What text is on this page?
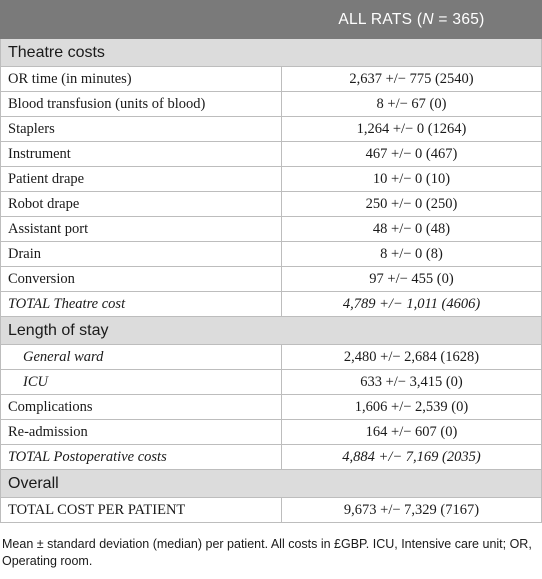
	ALL RATS (N = 365)
Theatre costs	
OR time (in minutes)	2,637 +/− 775 (2540)
Blood transfusion (units of blood)	8 +/− 67 (0)
Staplers	1,264 +/− 0 (1264)
Instrument	467 +/− 0 (467)
Patient drape	10 +/− 0 (10)
Robot drape	250 +/− 0 (250)
Assistant port	48 +/− 0 (48)
Drain	8 +/− 0 (8)
Conversion	97 +/− 455 (0)
TOTAL Theatre cost	4,789 +/− 1,011 (4606)
Length of stay	
General ward	2,480 +/− 2,684 (1628)
ICU	633 +/− 3,415 (0)
Complications	1,606 +/− 2,539 (0)
Re-admission	164 +/− 607 (0)
TOTAL Postoperative costs	4,884 +/− 7,169 (2035)
Overall	
TOTAL COST PER PATIENT	9,673 +/− 7,329 (7167)
Mean ± standard deviation (median) per patient. All costs in £GBP. ICU, Intensive care unit; OR, Operating room.
